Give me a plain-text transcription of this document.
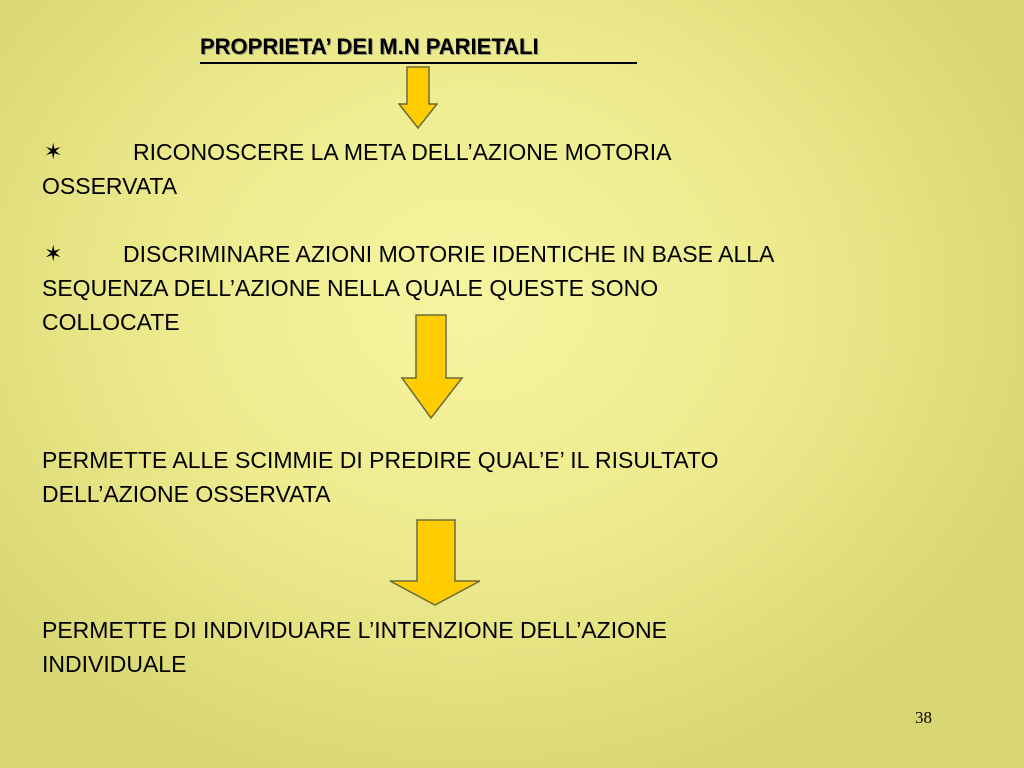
PROPRIETA’ DEI M.N PARIETALI
✶	RICONOSCERE LA META DELL’AZIONE MOTORIA
OSSERVATA
✶	DISCRIMINARE AZIONI MOTORIE IDENTICHE IN BASE ALLA
SEQUENZA DELL’AZIONE NELLA QUALE QUESTE SONO
COLLOCATE
PERMETTE ALLE SCIMMIE DI PREDIRE QUAL’E’ IL RISULTATO
DELL’AZIONE OSSERVATA
PERMETTE DI INDIVIDUARE L’INTENZIONE DELL’AZIONE
INDIVIDUALE
38
